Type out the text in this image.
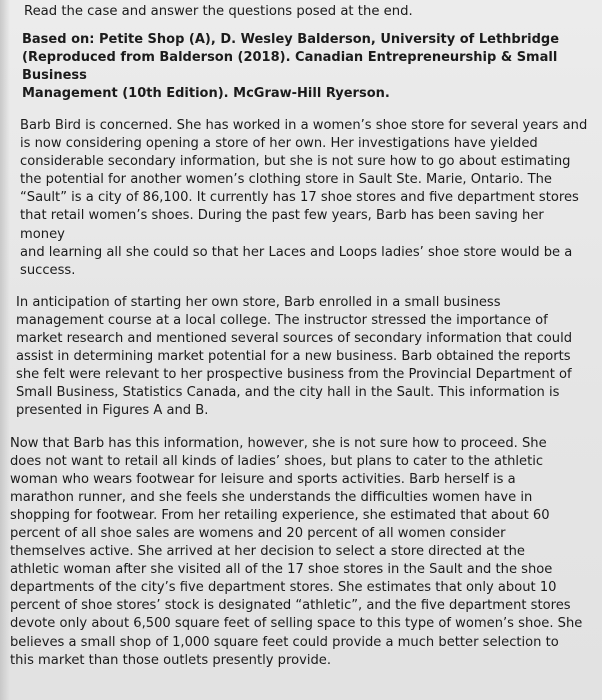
Read the case and answer the questions posed at the end.
Based on: Petite Shop (A), D. Wesley Balderson, University of Lethbridge
(Reproduced from Balderson (2018). Canadian Entrepreneurship & Small Business
Management (10th Edition). McGraw-Hill Ryerson.
Barb Bird is concerned. She has worked in a women’s shoe store for several years and
is now considering opening a store of her own. Her investigations have yielded
considerable secondary information, but she is not sure how to go about estimating
the potential for another women’s clothing store in Sault Ste. Marie, Ontario. The
“Sault” is a city of 86,100. It currently has 17 shoe stores and five department stores
that retail women’s shoes. During the past few years, Barb has been saving her money
and learning all she could so that her Laces and Loops ladies’ shoe store would be a
success.
In anticipation of starting her own store, Barb enrolled in a small business
management course at a local college. The instructor stressed the importance of
market research and mentioned several sources of secondary information that could
assist in determining market potential for a new business. Barb obtained the reports
she felt were relevant to her prospective business from the Provincial Department of
Small Business, Statistics Canada, and the city hall in the Sault. This information is
presented in Figures A and B.
Now that Barb has this information, however, she is not sure how to proceed. She
does not want to retail all kinds of ladies’ shoes, but plans to cater to the athletic
woman who wears footwear for leisure and sports activities. Barb herself is a
marathon runner, and she feels she understands the difficulties women have in
shopping for footwear. From her retailing experience, she estimated that about 60
percent of all shoe sales are womens and 20 percent of all women consider
themselves active. She arrived at her decision to select a store directed at the
athletic woman after she visited all of the 17 shoe stores in the Sault and the shoe
departments of the city’s five department stores. She estimates that only about 10
percent of shoe stores’ stock is designated “athletic”, and the five department stores
devote only about 6,500 square feet of selling space to this type of women’s shoe. She
believes a small shop of 1,000 square feet could provide a much better selection to
this market than those outlets presently provide.
